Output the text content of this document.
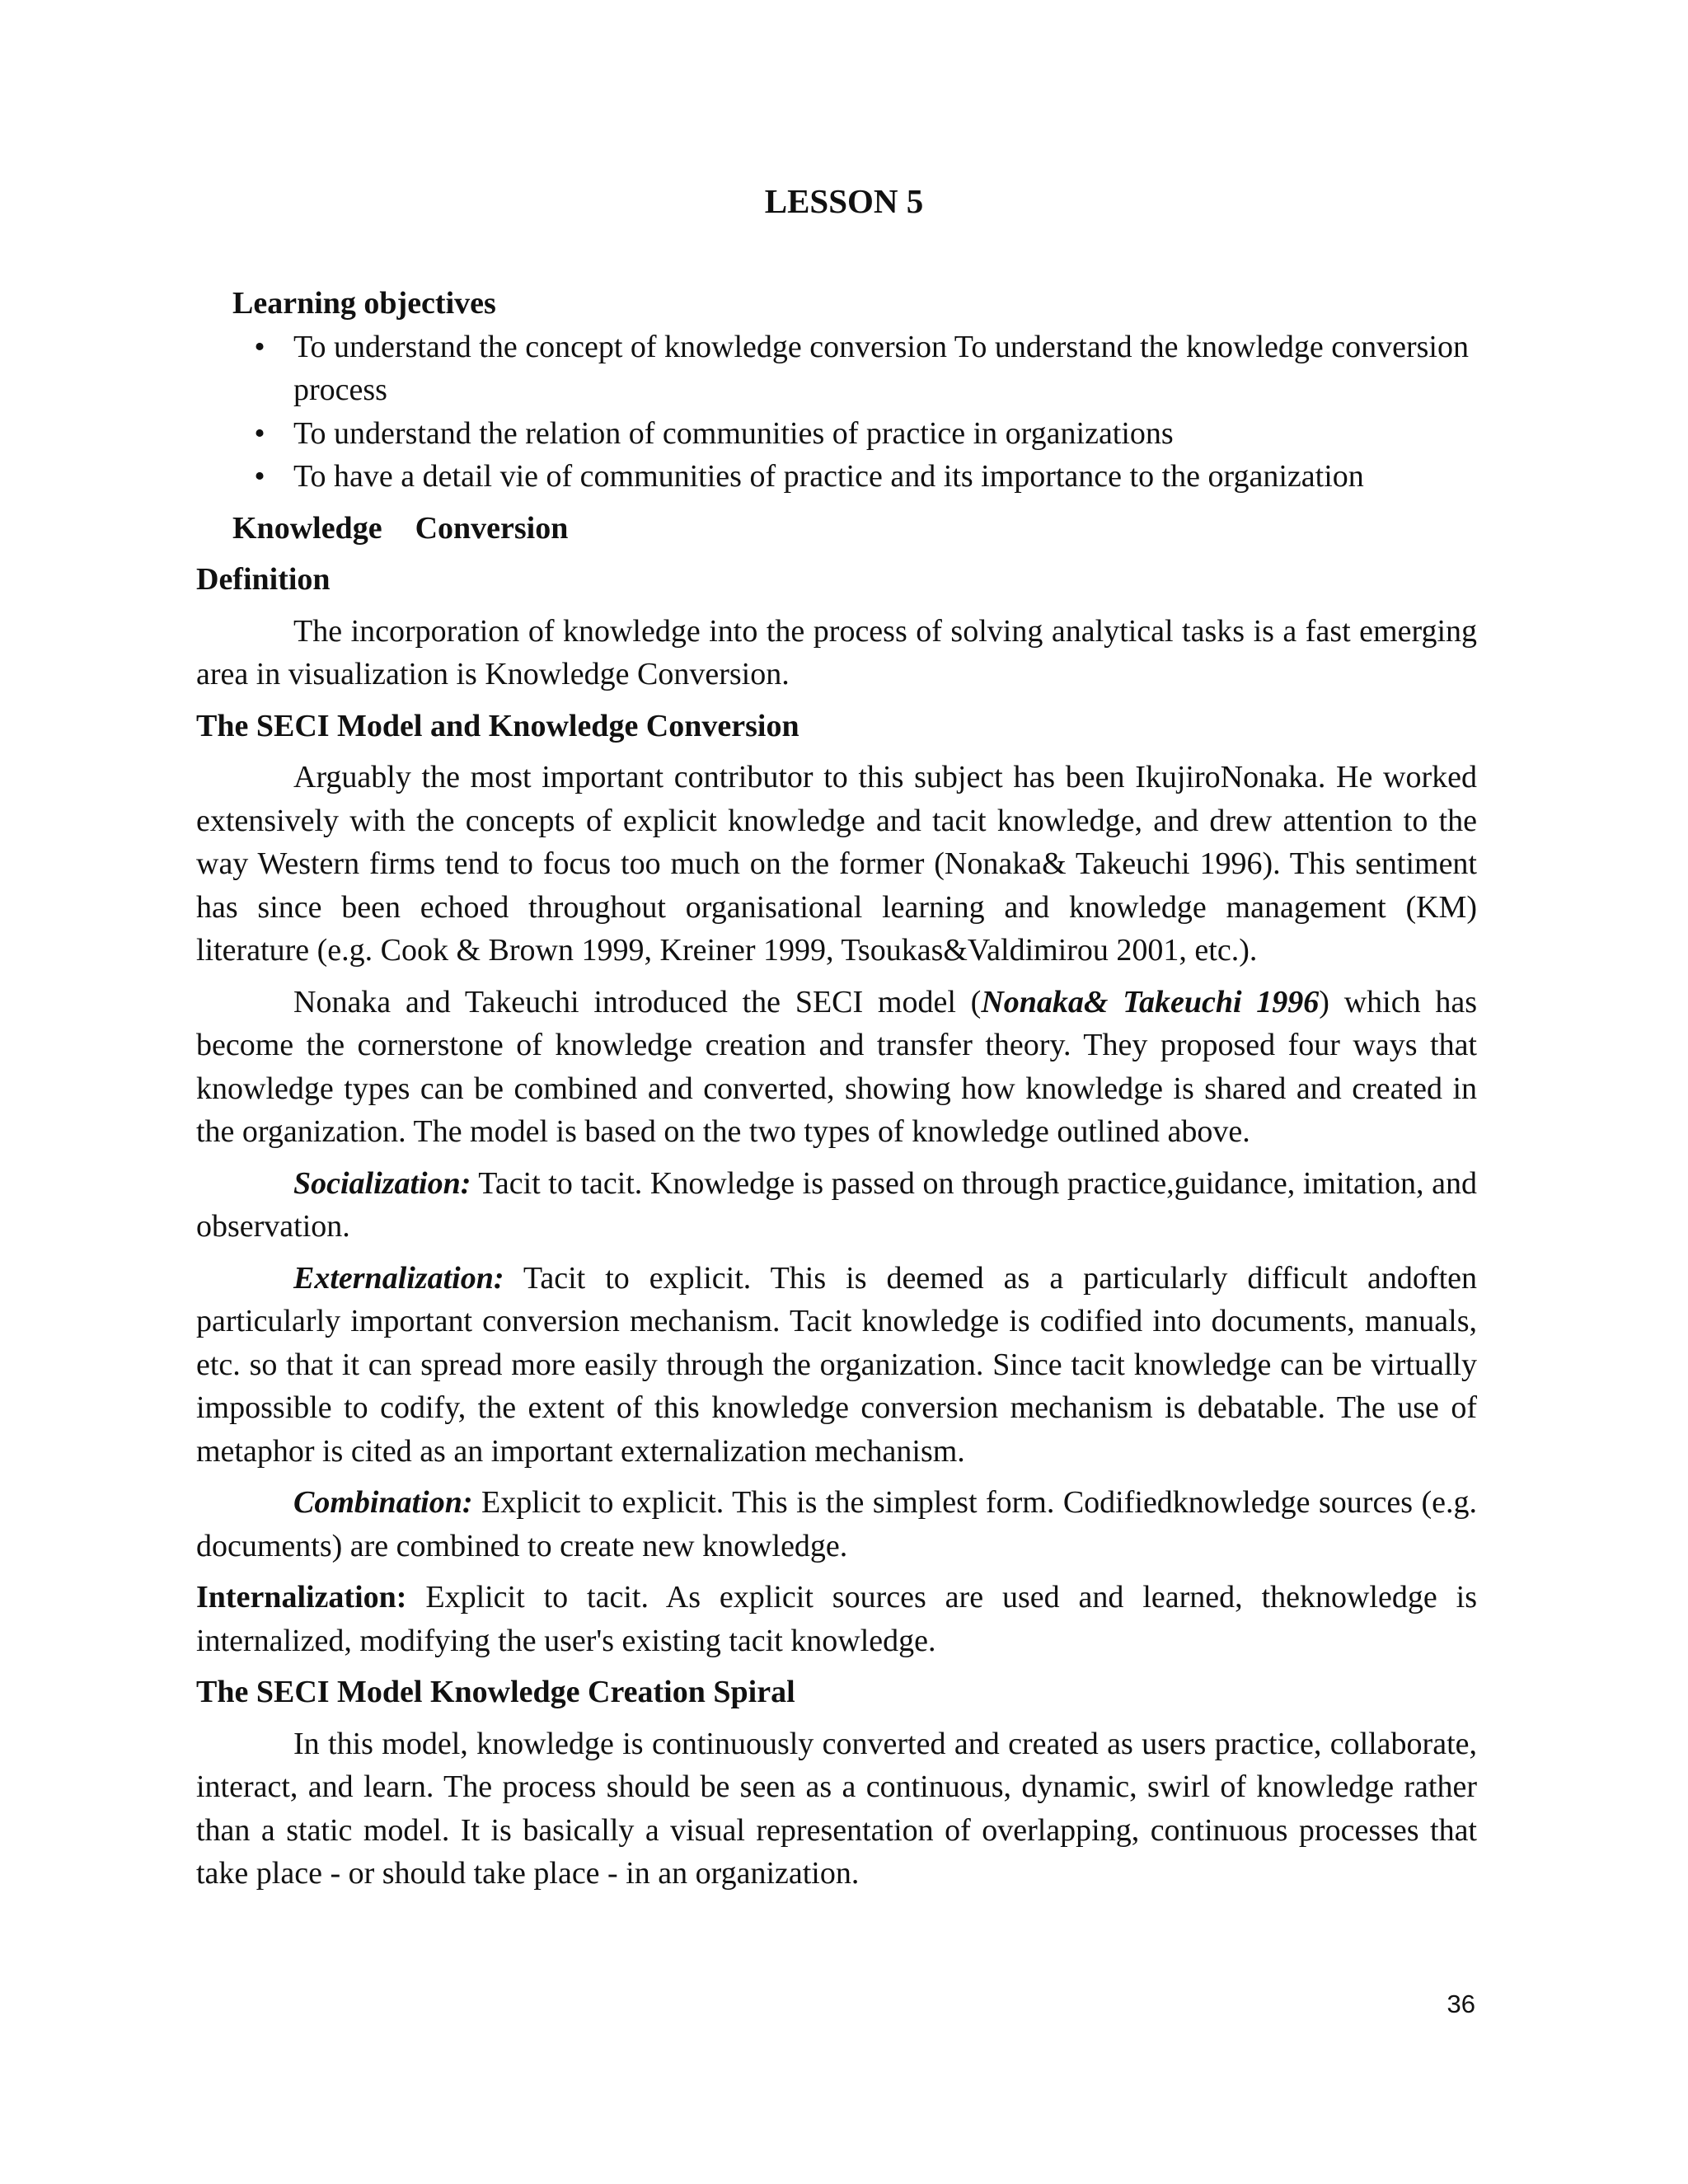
LESSON 5
Learning objectives
• To understand the concept of knowledge conversion To understand the knowledge conversion process
• To understand the relation of communities of practice in organizations
• To have a detail vie of communities of practice and its importance to the organization
Knowledge Conversion
Definition

The incorporation of knowledge into the process of solving analytical tasks is a fast emerging area in visualization is Knowledge Conversion.

The SECI Model and Knowledge Conversion

Arguably the most important contributor to this subject has been IkujiroNonaka. He worked extensively with the concepts of explicit knowledge and tacit knowledge, and drew attention to the way Western firms tend to focus too much on the former (Nonaka& Takeuchi 1996). This sentiment has since been echoed throughout organisational learning and knowledge management (KM) literature (e.g. Cook & Brown 1999, Kreiner 1999, Tsoukas&Valdimirou 2001, etc.).

Nonaka and Takeuchi introduced the SECI model (Nonaka& Takeuchi 1996) which has become the cornerstone of knowledge creation and transfer theory. They proposed four ways that knowledge types can be combined and converted, showing how knowledge is shared and created in the organization. The model is based on the two types of knowledge outlined above.

Socialization: Tacit to tacit. Knowledge is passed on through practice,guidance, imitation, and observation.

Externalization: Tacit to explicit. This is deemed as a particularly difficult andoften particularly important conversion mechanism. Tacit knowledge is codified into documents, manuals, etc. so that it can spread more easily through the organization. Since tacit knowledge can be virtually impossible to codify, the extent of this knowledge conversion mechanism is debatable. The use of metaphor is cited as an important externalization mechanism.

Combination: Explicit to explicit. This is the simplest form. Codifiedknowledge sources (e.g. documents) are combined to create new knowledge.

Internalization: Explicit to tacit. As explicit sources are used and learned, theknowledge is internalized, modifying the user's existing tacit knowledge.

The SECI Model Knowledge Creation Spiral

In this model, knowledge is continuously converted and created as users practice, collaborate, interact, and learn. The process should be seen as a continuous, dynamic, swirl of knowledge rather than a static model. It is basically a visual representation of overlapping, continuous processes that take place - or should take place - in an organization.

36
